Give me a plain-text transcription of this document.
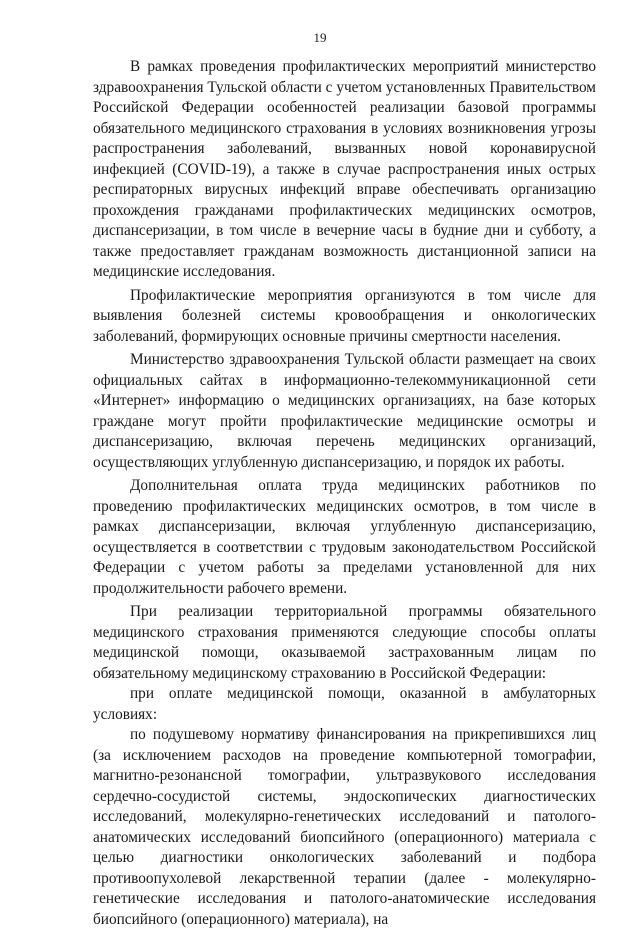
19

В рамках проведения профилактических мероприятий министерство здравоохранения Тульской области с учетом установленных Правительством Российской Федерации особенностей реализации базовой программы обязательного медицинского страхования в условиях возникновения угрозы распространения заболеваний, вызванных новой коронавирусной инфекцией (COVID-19), а также в случае распространения иных острых респираторных вирусных инфекций вправе обеспечивать организацию прохождения гражданами профилактических медицинских осмотров, диспансеризации, в том числе в вечерние часы в будние дни и субботу, а также предоставляет гражданам возможность дистанционной записи на медицинские исследования.

Профилактические мероприятия организуются в том числе для выявления болезней системы кровообращения и онкологических заболеваний, формирующих основные причины смертности населения.

Министерство здравоохранения Тульской области размещает на своих официальных сайтах в информационно-телекоммуникационной сети «Интернет» информацию о медицинских организациях, на базе которых граждане могут пройти профилактические медицинские осмотры и диспансеризацию, включая перечень медицинских организаций, осуществляющих углубленную диспансеризацию, и порядок их работы.

Дополнительная оплата труда медицинских работников по проведению профилактических медицинских осмотров, в том числе в рамках диспансеризации, включая углубленную диспансеризацию, осуществляется в соответствии с трудовым законодательством Российской Федерации с учетом работы за пределами установленной для них продолжительности рабочего времени.

При реализации территориальной программы обязательного медицинского страхования применяются следующие способы оплаты медицинской помощи, оказываемой застрахованным лицам по обязательному медицинскому страхованию в Российской Федерации:

при оплате медицинской помощи, оказанной в амбулаторных условиях:

по подушевому нормативу финансирования на прикрепившихся лиц (за исключением расходов на проведение компьютерной томографии, магнитно-резонансной томографии, ультразвукового исследования сердечно-сосудистой системы, эндоскопических диагностических исследований, молекулярно-генетических исследований и патолого-анатомических исследований биопсийного (операционного) материала с целью диагностики онкологических заболеваний и подбора противоопухолевой лекарственной терапии (далее - молекулярно-генетические исследования и патолого-анатомические исследования биопсийного (операционного) материала), на
